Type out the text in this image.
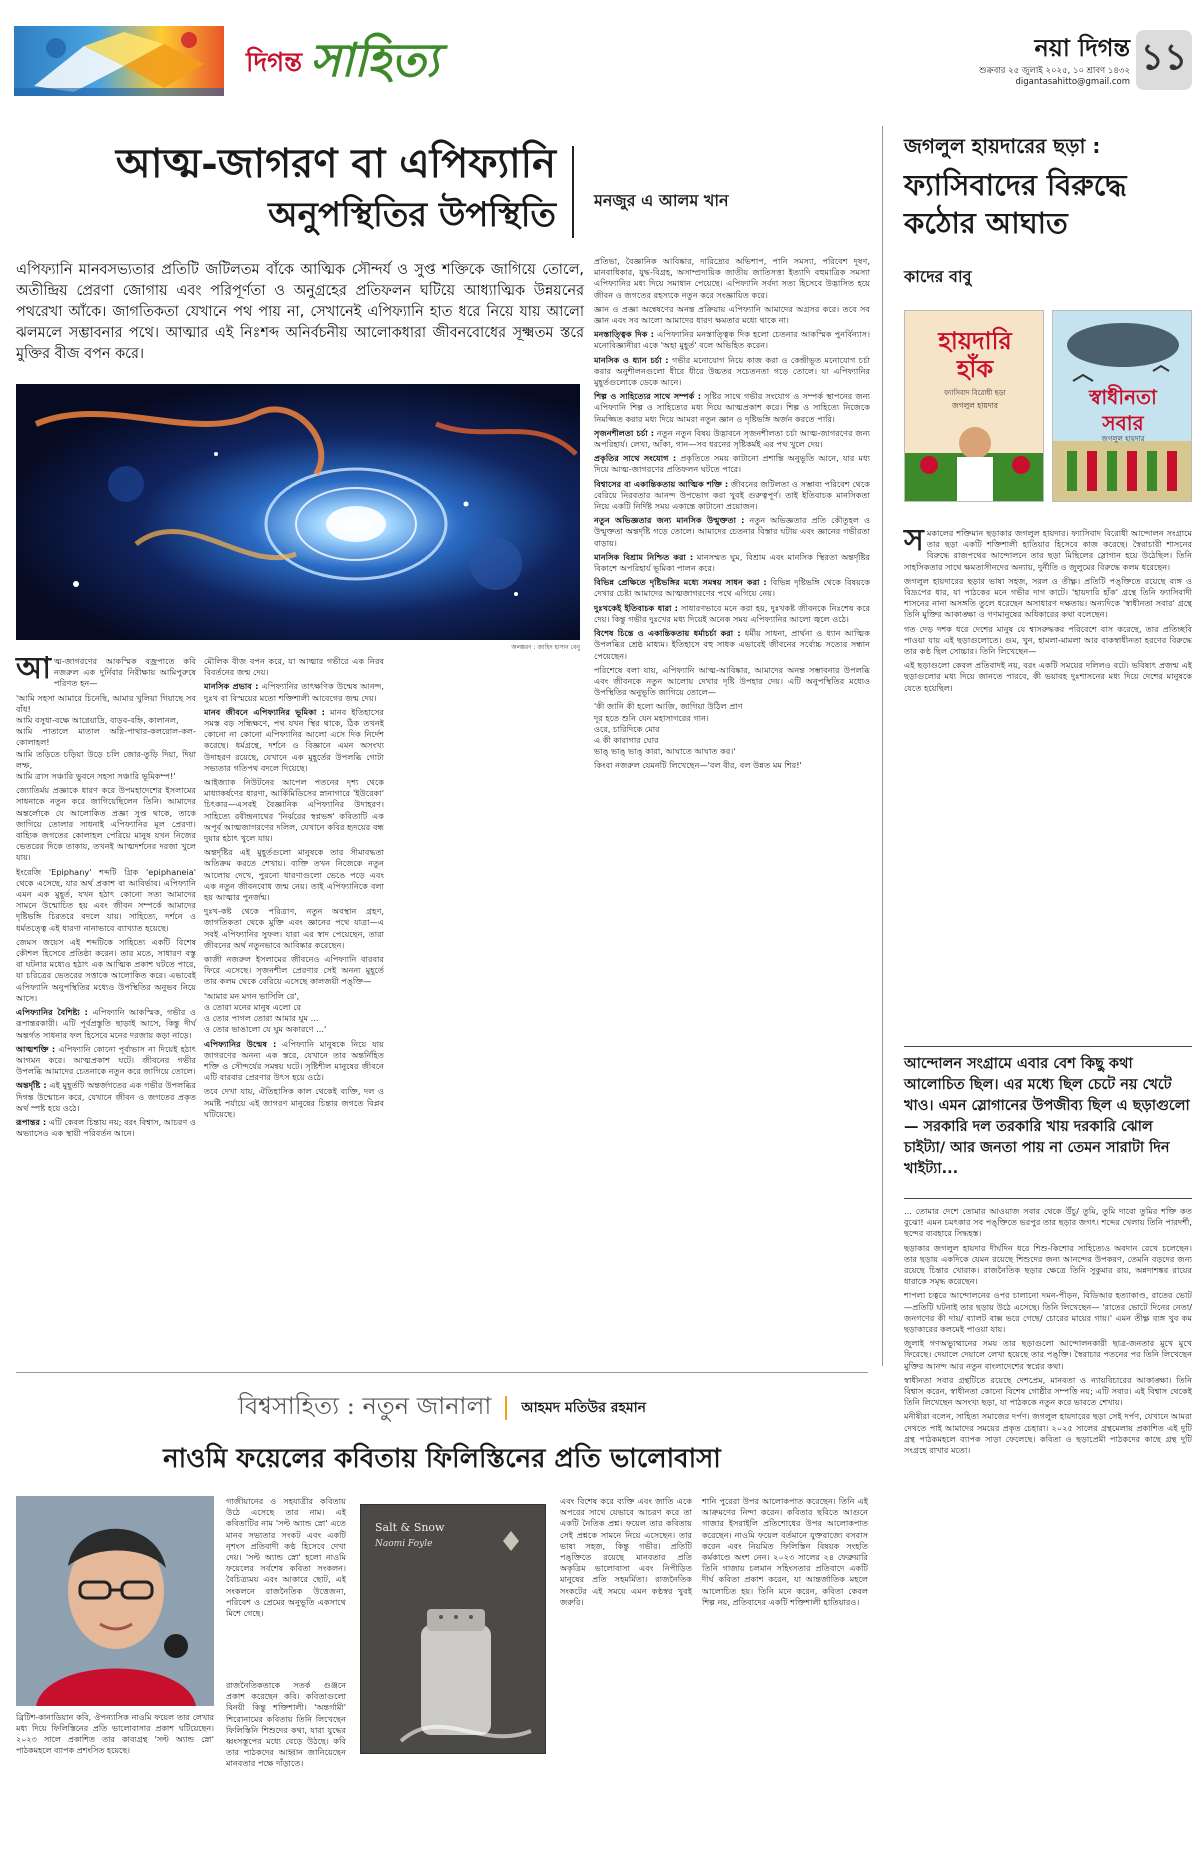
দিগন্ত সাহিত্য	নয়া দিগন্ত
শুক্রবার ২৫ জুলাই ২০২৫, ১০ শ্রাবণ ১৪৩২
digantasahitto@gmail.com
১১
আত্ম-জাগরণ বা এপিফ্যানি
অনুপস্থিতির উপস্থিতি মনজুর এ আলম খান
এপিফ্যানি মানবসভ্যতার প্রতিটি জটিলতম বাঁকে আত্মিক সৌন্দর্য ও সুপ্ত শক্তিকে জাগিয়ে তোলে, অতীন্দ্রিয় প্রেরণা জোগায় এবং পরিপূর্ণতা ও অনুগ্রহের প্রতিফলন ঘটিয়ে আধ্যাত্মিক উন্নয়নের পথরেখা আঁকে। জাগতিকতা যেখানে পথ পায় না, সেখানেই এপিফ্যানি হাত ধরে নিয়ে যায় আলো ঝলমলে সম্ভাবনার পথে। আত্মার এই নিঃশব্দ অনির্বচনীয় আলোকধারা জীবনবোধের সূক্ষ্মতম স্তরে মুক্তির বীজ বপন করে।
অলঙ্করণ : জাহিদ হাসান বেনু

আত্ম-জাগরণের আকস্মিক বজ্রপাতে কবি নজরুল এক দুর্নিবার নিরীক্ষায় আমিপুরুষে পরিণত হন—

'আমি সহসা আমারে চিনেছি, আমার খুলিয়া গিয়াছে সব বাঁধ!
আমি বসুধা-বক্ষে আগ্নেয়াদ্রি, বাড়ব-বহ্নি, কালানল,
আমি পাতালে মাতাল অগ্নি-পাথার-কলরোল-কল-কোলাহল!
আমি তড়িতে চড়িয়া উড়ে চলি জোর-তুড়ি দিয়া, দিয়া লম্ফ,
আমি ত্রাস সঞ্চারি ভুবনে সহসা সঞ্চারি ভূমিকম্প!'

জ্যোতির্ময় প্রজ্ঞাকে ধারণ করে উপমহাদেশের ইসলামের সাধনাকে নতুন করে জাগিয়েছিলেন তিনি। আমাদের অন্তর্লোকে যে আলোকিত প্রজ্ঞা সুপ্ত থাকে, তাকে জাগিয়ে তোলার সাধনাই এপিফ্যানির মূল প্রেরণা। বাহ্যিক জগতের কোলাহল পেরিয়ে মানুষ যখন নিজের ভেতরের দিকে তাকায়, তখনই আত্মদর্শনের দরজা খুলে যায়।

ইংরেজি 'Epiphany' শব্দটি গ্রিক 'epiphaneia' থেকে এসেছে, যার অর্থ প্রকাশ বা আবির্ভাব। এপিফ্যানি এমন এক মুহূর্ত, যখন হঠাৎ কোনো সত্য আমাদের সামনে উন্মোচিত হয় এবং জীবন সম্পর্কে আমাদের দৃষ্টিভঙ্গি চিরতরে বদলে যায়। সাহিত্যে, দর্শনে ও ধর্মতত্ত্বে এই ধারণা নানাভাবে ব্যাখ্যাত হয়েছে।

জেমস জয়েস এই শব্দটিকে সাহিত্যে একটি বিশেষ কৌশল হিসেবে প্রতিষ্ঠা করেন। তার মতে, সাধারণ বস্তু বা ঘটনার মধ্যেও হঠাৎ এক আত্মিক প্রকাশ ঘটতে পারে, যা চরিত্রের ভেতরের সত্তাকে আলোকিত করে। এভাবেই এপিফ্যানি অনুপস্থিতির মধ্যেও উপস্থিতির অনুভব নিয়ে আসে।

এপিফ্যানির বৈশিষ্ট্য : এপিফ্যানি আকস্মিক, গভীর ও রূপান্তরকারী। এটি পূর্বপ্রস্তুতি ছাড়াই আসে, কিন্তু দীর্ঘ অন্তর্গত সাধনার ফল হিসেবে মনের দরজায় কড়া নাড়ে।

আত্মশক্তি : এপিফ্যানি কোনো পূর্বাভাস না দিয়েই হঠাৎ আগমন করে। আত্মপ্রকাশ ঘটে। জীবনের গভীর উপলব্ধি আমাদের চেতনাকে নতুন করে জাগিয়ে তোলে।

অন্তর্দৃষ্টি : এই মুহূর্তটি অন্তর্জগতের এক গভীর উপলব্ধির দিগন্ত উন্মোচন করে, যেখানে জীবন ও জগতের প্রকৃত অর্থ স্পষ্ট হয়ে ওঠে।

রূপান্তর : এটি কেবল চিন্তায় নয়; বরং বিশ্বাস, আচরণ ও অভ্যাসেও এক স্থায়ী পরিবর্তন আনে।

মৌলিক বীজ বপন করে, যা আত্মার গভীরে এক নিরব বিবর্তনের জন্ম দেয়।

মানসিক প্রভাব : এপিফ্যানির তাৎক্ষণিক উন্মেষ আনন্দ, দুঃখ বা বিস্ময়ের মতো শক্তিশালী আবেগের জন্ম দেয়।

মানব জীবনে এপিফ্যানির ভূমিকা : মানব ইতিহাসের সমস্ত বড় সন্ধিক্ষণে, পথ যখন স্থির থাকে, ঠিক তখনই কোনো না কোনো এপিফ্যানির আলো এসে দিক নির্দেশ করেছে। ধর্মগ্রন্থে, দর্শনে ও বিজ্ঞানে এমন অসংখ্য উদাহরণ রয়েছে, যেখানে এক মুহূর্তের উপলব্ধি গোটা সভ্যতার গতিপথ বদলে দিয়েছে।

আইজ্যাক নিউটনের আপেল পতনের দৃশ্য থেকে মাধ্যাকর্ষণের ধারণা, আর্কিমিডিসের স্নানাগারে 'ইউরেকা' চিৎকার—এসবই বৈজ্ঞানিক এপিফ্যানির উদাহরণ। সাহিত্যে রবীন্দ্রনাথের 'নির্ঝরের স্বপ্নভঙ্গ' কবিতাটি এক অপূর্ব আত্মজাগরণের দলিল, যেখানে কবির হৃদয়ের বন্ধ দুয়ার হঠাৎ খুলে যায়।

অন্তর্দৃষ্টির এই মুহূর্তগুলো মানুষকে তার সীমাবদ্ধতা অতিক্রম করতে শেখায়। ব্যক্তি তখন নিজেকে নতুন আলোয় দেখে, পুরনো ধারণাগুলো ভেঙে পড়ে এবং এক নতুন জীবনবোধ জন্ম নেয়। তাই এপিফ্যানিকে বলা হয় আত্মার পুনর্জন্ম।

দুঃখ-কষ্ট থেকে পরিত্রাণ, নতুন অবস্থান গ্রহণ, জাগতিকতা থেকে মুক্তি এবং জ্ঞানের পথে যাত্রা—এ সবই এপিফ্যানির সুফল। যারা এর স্বাদ পেয়েছেন, তারা জীবনের অর্থ নতুনভাবে আবিষ্কার করেছেন।

কাজী নজরুল ইসলামের জীবনেও এপিফ্যানি বারবার ফিরে এসেছে। সৃজনশীল প্রেরণার সেই অনন্য মুহূর্তে তার কলম থেকে বেরিয়ে এসেছে কালজয়ী পঙ্‌ক্তি—

'আমার মন মগন ভাসিলি রে',
ও তোরা মনের মানুষ এলো রে
ও তোর পাগল তোরা আমার ঘুম ...
ও তোর ভাঙালো যে ঘুম অকারণে ...'

এপিফ্যানির উন্মেষ : এপিফ্যানি মানুষকে নিয়ে যায় জাগরণের অনন্য এক স্তরে, যেখানে তার অন্তর্নিহিত শক্তি ও সৌন্দর্যের সমন্বয় ঘটে। সৃষ্টিশীল মানুষের জীবনে এটি বারবার প্রেরণার উৎস হয়ে ওঠে।

তবে দেখা যায়, ঐতিহাসিক কাল থেকেই ব্যক্তি, দল ও সমষ্টি পর্যায়ে এই জাগরণ মানুষের চিন্তার জগতে বিপ্লব ঘটিয়েছে।

প্রতিভা, বৈজ্ঞানিক আবিষ্কার, দারিদ্র্যের অভিশাপ, পানি সমস্যা, পরিবেশ দূষণ, মানবাধিকার, যুদ্ধ-বিগ্রহ, অসাম্প্রদায়িক জাতীয় জাতিসত্তা ইত্যাদি বহুমাত্রিক সমস্যা এপিফ্যানির মধ্য দিয়ে সমাধান পেয়েছে। এপিফ্যানি সর্বদা সত্য হিসেবে উদ্ভাসিত হয়ে জীবন ও জগতের রহস্যকে নতুন করে সংজ্ঞায়িত করে।

জ্ঞান ও প্রজ্ঞা অন্বেষণের অনন্ত প্রক্রিয়ায় এপিফ্যানি আমাদের অগ্রসর করে। তবে সব জ্ঞান এবং সব আলো আমাদের ধারণ ক্ষমতার মধ্যে থাকে না।

মনস্তাত্ত্বিক দিক : এপিফ্যানির মনস্তাত্ত্বিক দিক হলো চেতনার আকস্মিক পুনর্বিন্যাস। মনোবিজ্ঞানীরা একে 'অহা মুহূর্ত' বলে অভিহিত করেন।

মানসিক ও ধ্যান চর্চা : গভীর মনোযোগ নিয়ে কাজ করা ও কেন্দ্রীভূত মনোযোগ চর্চা করার অনুশীলনগুলো ধীরে ধীরে উচ্চতর সচেতনতা গড়ে তোলে। যা এপিফ্যানির মুহূর্তগুলোকে ডেকে আনে।

শিল্প ও সাহিত্যের সাথে সম্পর্ক : সৃষ্টির সাথে গভীর সংযোগ ও সম্পর্ক স্থাপনের জন্য এপিফ্যানি শিল্প ও সাহিত্যের মধ্য দিয়ে আত্মপ্রকাশ করে। শিল্প ও সাহিত্যে নিজেকে নিমজ্জিত করার মধ্য দিয়ে আমরা নতুন জ্ঞান ও দৃষ্টিভঙ্গি অর্জন করতে পারি।

সৃজনশীলতা চর্চা : নতুন নতুন বিষয় উদ্ভাবনে সৃজনশীলতা চর্চা আত্ম-জাগরণের জন্য অপরিহার্য। লেখা, আঁকা, গান—সব ধরনের সৃষ্টিকর্মই এর পথ খুলে দেয়।

প্রকৃতির সাথে সংযোগ : প্রকৃতিতে সময় কাটানো প্রশান্তি অনুভূতি আনে, যার মধ্য দিয়ে আত্ম-জাগরণের প্রতিফলন ঘটতে পারে।

বিশ্বাসের বা একান্তিকতায় আত্মিক শক্তি : জীবনের জটিলতা ও সম্ভাব্য পরিবেশ থেকে বেরিয়ে নিরবতার আনন্দ উপভোগ করা খুবই গুরুত্বপূর্ণ। তাই ইতিবাচক মানসিকতা নিয়ে একটি নির্দিষ্ট সময় একান্তে কাটানো প্রয়োজন।

নতুন অভিজ্ঞতার জন্য মানসিক উন্মুক্ততা : নতুন অভিজ্ঞতার প্রতি কৌতূহল ও উন্মুক্ততা অন্তর্দৃষ্টি গড়ে তোলে। আমাদের চেতনার বিস্তার ঘটায় এবং জ্ঞানের গভীরতা বাড়ায়।

মানসিক বিশ্রাম নিশ্চিত করা : মানসম্মত ঘুম, বিশ্রাম এবং মানসিক স্থিরতা অন্তর্দৃষ্টির বিকাশে অপরিহার্য ভূমিকা পালন করে।

বিভিন্ন প্রেক্ষিতে দৃষ্টিভঙ্গির মধ্যে সমন্বয় সাধন করা : বিভিন্ন দৃষ্টিভঙ্গি থেকে বিষয়কে দেখার চেষ্টা আমাদের আত্মজাগরণের পথে এগিয়ে নেয়।

দুঃখকেই ইতিবাচক ধারা : সাধারণভাবে মনে করা হয়, দুঃখকষ্ট জীবনকে নিঃশেষ করে দেয়। কিন্তু গভীর দুঃখের মধ্য দিয়েই অনেক সময় এপিফ্যানির আলো জ্বলে ওঠে।

বিশেষ চিন্তে ও একান্তিকতায় ধর্মাচর্চা করা : ধর্মীয় সাধনা, প্রার্থনা ও ধ্যান আত্মিক উপলব্ধির শ্রেষ্ঠ মাধ্যম। ইতিহাসে বহু সাধক এভাবেই জীবনের সর্বোচ্চ সত্যের সন্ধান পেয়েছেন।

পরিশেষে বলা যায়, এপিফ্যানি আত্ম-আবিষ্কার, আমাদের অনন্ত সম্ভাবনার উপলব্ধি এবং জীবনকে নতুন আলোয় দেখার দৃষ্টি উপহার দেয়। এটি অনুপস্থিতির মধ্যেও উপস্থিতির অনুভূতি জাগিয়ে তোলে—

'কী জানি কী হলো আজি, জাগিয়া উঠিল প্রাণ
দূর হতে শুনি যেন মহাসাগরের গান।
ওরে, চারিদিকে মোর
এ কী কারাগার ঘোর
ভাঙ্ ভাঙ্ ভাঙ্ কারা, আঘাতে আঘাত কর।'

কিংবা নজরুল যেমনটি লিখেছেন—'বল বীর, বল উন্নত মম শির!'

জগলুল হায়দারের ছড়া :
ফ্যাসিবাদের বিরুদ্ধে
কঠোর আঘাত
কাদের বাবু
হায়দারি
হাঁক
ফ্যাসিবাদ বিরোধী ছড়া
জগলুল হায়দার	স্বাধীনতা
সবার
জগলুল হায়দার

সমকালের শক্তিমান ছড়াকার জগলুল হায়দার। ফ্যাসিবাদ বিরোধী আন্দোলন সংগ্রামে তার ছড়া একটি শক্তিশালী হাতিয়ার হিসেবে কাজ করেছে। স্বৈরাচারী শাসনের বিরুদ্ধে রাজপথের আন্দোলনে তার ছড়া মিছিলের স্লোগান হয়ে উঠেছিল। তিনি সাহসিকতার সাথে ক্ষমতাসীনদের অন্যায়, দুর্নীতি ও জুলুমের বিরুদ্ধে কলম ধরেছেন।

জগলুল হায়দারের ছড়ার ভাষা সহজ, সরল ও তীক্ষ্ণ। প্রতিটি পঙ্‌ক্তিতে রয়েছে ব্যঙ্গ ও বিদ্রূপের ধার, যা পাঠকের মনে গভীর দাগ কাটে। 'হায়দারি হাঁক' গ্রন্থে তিনি ফ্যাসিবাদী শাসনের নানা অসঙ্গতি তুলে ধরেছেন অসাধারণ দক্ষতায়। অন্যদিকে 'স্বাধীনতা সবার' গ্রন্থে তিনি মুক্তির আকাঙ্ক্ষা ও গণমানুষের অধিকারের কথা বলেছেন।

গত দেড় দশক ধরে দেশের মানুষ যে শ্বাসরুদ্ধকর পরিবেশে বাস করেছে, তার প্রতিচ্ছবি পাওয়া যায় এই ছড়াগুলোতে। গুম, খুন, হামলা-মামলা আর বাকস্বাধীনতা হরণের বিরুদ্ধে তার কণ্ঠ ছিল সোচ্চার। তিনি লিখেছেন—

এই ছড়াগুলো কেবল প্রতিবাদই নয়, বরং একটি সময়ের দলিলও বটে। ভবিষ্যৎ প্রজন্ম এই ছড়াগুলোর মধ্য দিয়ে জানতে পারবে, কী ভয়াবহ দুঃশাসনের মধ্য দিয়ে দেশের মানুষকে যেতে হয়েছিল।

আন্দোলন সংগ্রামে এবার বেশ কিছু কথা আলোচিত ছিল। এর মধ্যে ছিল চেটে নয় খেটে খাও। এমন স্লোগানের উপজীব্য ছিল এ ছড়াগুলো— সরকারি দল তরকারি খায় দরকারি ঝোল চাইট্যা/ আর জনতা পায় না তেমন সারাটা দিন খাইট্যা...

... তোমার দেশে তোমার আওয়াজ সবার থেকে উঁচু/ তুমি, তুমি দাবো তুমির শক্তি কত বুঝো! এমন চমৎকার সব পঙ্‌ক্তিতে ভরপুর তার ছড়ার জগৎ। শব্দের খেলায় তিনি পারদর্শী, ছন্দের ব্যবহারে সিদ্ধহস্ত।

ছড়াকার জগলুল হায়দার দীর্ঘদিন ধরে শিশু-কিশোর সাহিত্যেও অবদান রেখে চলেছেন। তার ছড়ায় একদিকে যেমন রয়েছে শিশুদের জন্য আনন্দের উপকরণ, তেমনি বড়দের জন্য রয়েছে চিন্তার খোরাক। রাজনৈতিক ছড়ার ক্ষেত্রে তিনি সুকুমার রায়, অন্নদাশঙ্কর রায়ের ধারাকে সমৃদ্ধ করেছেন।

শাপলা চত্বরে আন্দোলনের ওপর চালানো দমন-পীড়ন, বিডিআর হত্যাকাণ্ড, রাতের ভোট—প্রতিটি ঘটনাই তার ছড়ায় উঠে এসেছে। তিনি লিখেছেন— 'রাতের ভোটে দিনের নেতা/ জনগণের কী দায়/ ব্যালট বাক্স ভরে গেছে/ চোরের মায়ের গায়।' এমন তীক্ষ্ণ ব্যঙ্গ খুব কম ছড়াকারের কলমেই পাওয়া যায়।

জুলাই গণঅভ্যুত্থানের সময় তার ছড়াগুলো আন্দোলনকারী ছাত্র-জনতার মুখে মুখে ফিরেছে। দেয়ালে দেয়ালে লেখা হয়েছে তার পঙ্‌ক্তি। স্বৈরাচার পতনের পর তিনি লিখেছেন মুক্তির আনন্দ আর নতুন বাংলাদেশের স্বপ্নের কথা।

স্বাধীনতা সবার গ্রন্থটিতে রয়েছে দেশপ্রেম, মানবতা ও ন্যায়বিচারের আকাঙ্ক্ষা। তিনি বিশ্বাস করেন, স্বাধীনতা কোনো বিশেষ গোষ্ঠীর সম্পত্তি নয়; এটি সবার। এই বিশ্বাস থেকেই তিনি লিখেছেন অসংখ্য ছড়া, যা পাঠককে নতুন করে ভাবতে শেখায়।

মনীষীরা বলেন, সাহিত্য সমাজের দর্পণ। জগলুল হায়দারের ছড়া সেই দর্পণ, যেখানে আমরা দেখতে পাই আমাদের সময়ের প্রকৃত চেহারা। ২০২৫ সালের গ্রন্থমেলায় প্রকাশিত এই দুটি গ্রন্থ পাঠকমহলে ব্যাপক সাড়া ফেলেছে। কবিতা ও ছড়াপ্রেমী পাঠকদের কাছে গ্রন্থ দুটি সংগ্রহে রাখার মতো।

বিশ্বসাহিত্য : নতুন জানালা আহমদ মতিউর রহমান
নাওমি ফয়েলের কবিতায় ফিলিস্তিনের প্রতি ভালোবাসা
ব্রিটিশ-কানাডিয়ান কবি, ঔপন্যাসিক নাওমি ফয়েল তার লেখার মধ্য দিয়ে ফিলিস্তিনের প্রতি ভালোবাসার প্রকাশ ঘটিয়েছেন। ২০২৩ সালে প্রকাশিত তার কাব্যগ্রন্থ 'সল্ট অ্যান্ড স্নো' পাঠকমহলে ব্যাপক প্রশংসিত হয়েছে।
গাজীয়ানের ও সহযাত্রীর কবিতায় উঠে এসেছে তার নাম। এই কবিতাটির নাম 'সল্ট অ্যান্ড স্নো' এতে মানব সভ্যতার সংকট এবং একটি নৃশংস প্রতিবাদী কণ্ঠ হিসেবে দেখা দেয়। 'সল্ট অ্যান্ড স্নো' হলো নাওমি ফয়েলের সর্বশেষ কবিতা সংকলন। বৈচিত্র্যময় এবং আকারে ছোট, এই সংকলনে রাজনৈতিক উত্তেজনা, পরিবেশ ও প্রেমের অনুভূতি একসাথে মিশে গেছে।
রাজনৈতিকতাকে সতর্ক গুঞ্জনে প্রকাশ করেছেন কবি। কবিতাগুলো বিনয়ী কিন্তু শক্তিশালী। 'অন্তর্গামী' শিরোনামের কবিতায় তিনি লিখেছেন ফিলিস্তিনি শিশুদের কথা, যারা যুদ্ধের ধ্বংসস্তূপের মধ্যে বেড়ে উঠছে। কবি তার পাঠকদের আহ্বান জানিয়েছেন মানবতার পক্ষে দাঁড়াতে।
Salt & Snow
Naomi Foyle
এবং বিশেষ করে ব্যক্তি এবং জাতি একে অপরের সাথে যেভাবে আচরণ করে তা একটি নৈতিক প্রশ্ন। ফয়েল তার কবিতায় সেই প্রশ্নকে সামনে নিয়ে এসেছেন। তার ভাষা সহজ, কিন্তু গভীর। প্রতিটি পঙ্‌ক্তিতে রয়েছে মানবতার প্রতি অকৃত্রিম ভালোবাসা এবং নিপীড়িত মানুষের প্রতি সহমর্মিতা। রাজনৈতিক সংকটের এই সময়ে এমন কণ্ঠস্বর খুবই জরুরি।
শানি পুরেরা উপর আলোকপাত করেছেন। তিনি এই আক্রমণের নিন্দা করেন। কবিতার ছবিতে আগুনে গাজার ইসরাইলি প্রতিশোধের উপর আলোকপাত করেছেন। নাওমি ফয়েল বর্তমানে যুক্তরাজ্যে বসবাস করেন এবং নিয়মিত ফিলিস্তিন বিষয়ক সংহতি কর্মকাণ্ডে অংশ নেন। ২০২৩ সালের ২৪ ফেব্রুয়ারি তিনি গাজায় চলমান সহিংসতার প্রতিবাদে একটি দীর্ঘ কবিতা প্রকাশ করেন, যা আন্তর্জাতিক মহলে আলোচিত হয়। তিনি মনে করেন, কবিতা কেবল শিল্প নয়, প্রতিবাদের একটি শক্তিশালী হাতিয়ারও।
